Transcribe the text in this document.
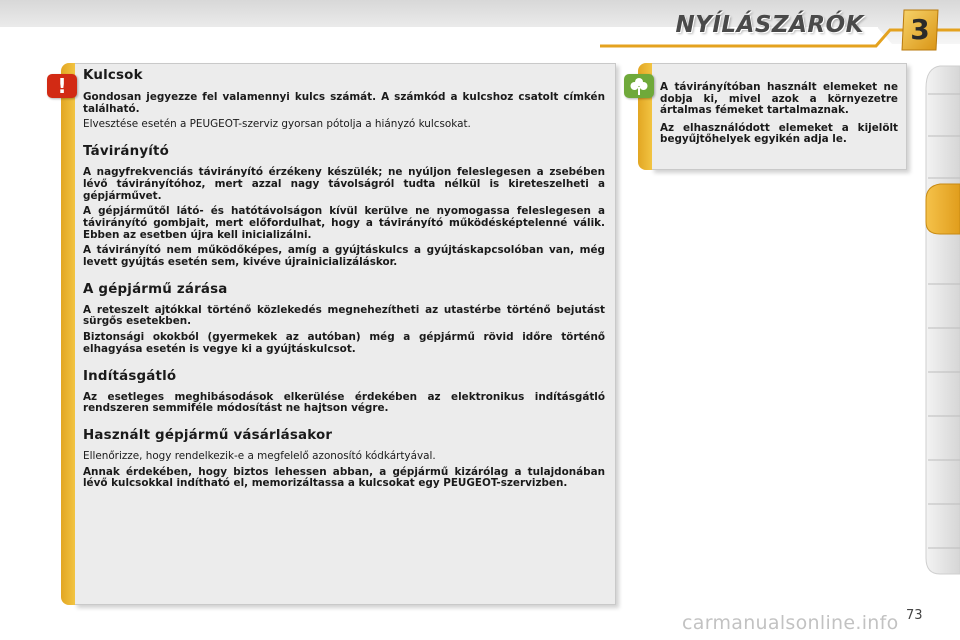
NYÍLÁSZÁRÓK	3
Kulcsok

Gondosan jegyezze fel valamennyi kulcs számát. A számkód a kulcshoz csatolt címkén található.

Elvesztése esetén a PEUGEOT-szerviz gyorsan pótolja a hiányzó kulcsokat.

Távirányító

A nagyfrekvenciás távirányító érzékeny készülék; ne nyúljon feleslegesen a zsebében lévő távirányítóhoz, mert azzal nagy távolságról tudta nélkül is kireteszelheti a gépjárművet.

A gépjárműtől látó- és hatótávolságon kívül kerülve ne nyomogassa feleslegesen a távirányító gombjait, mert előfordulhat, hogy a távirányító működésképtelenné válik. Ebben az esetben újra kell inicializálni.

A távirányító nem működőképes, amíg a gyújtáskulcs a gyújtáskapcsolóban van, még levett gyújtás esetén sem, kivéve újrainicializáláskor.

A gépjármű zárása

A reteszelt ajtókkal történő közlekedés megnehezítheti az utastérbe történő bejutást sürgős esetekben.

Biztonsági okokból (gyermekek az autóban) még a gépjármű rövid időre történő elhagyása esetén is vegye ki a gyújtáskulcsot.

Indításgátló

Az esetleges meghibásodások elkerülése érdekében az elektronikus indításgátló rendszeren semmiféle módosítást ne hajtson végre.

Használt gépjármű vásárlásakor

Ellenőrizze, hogy rendelkezik-e a megfelelő azonosító kódkártyával.

Annak érdekében, hogy biztos lehessen abban, a gépjármű kizárólag a tulajdonában lévő kulcsokkal indítható el, memorizáltassa a kulcsokat egy PEUGEOT-szervizben.

A távirányítóban használt elemeket ne dobja ki, mivel azok a környezetre ártalmas fémeket tartalmaznak.

Az elhasználódott elemeket a kijelölt begyűjtőhelyek egyikén adja le.

!
carmanualsonline.info 73
